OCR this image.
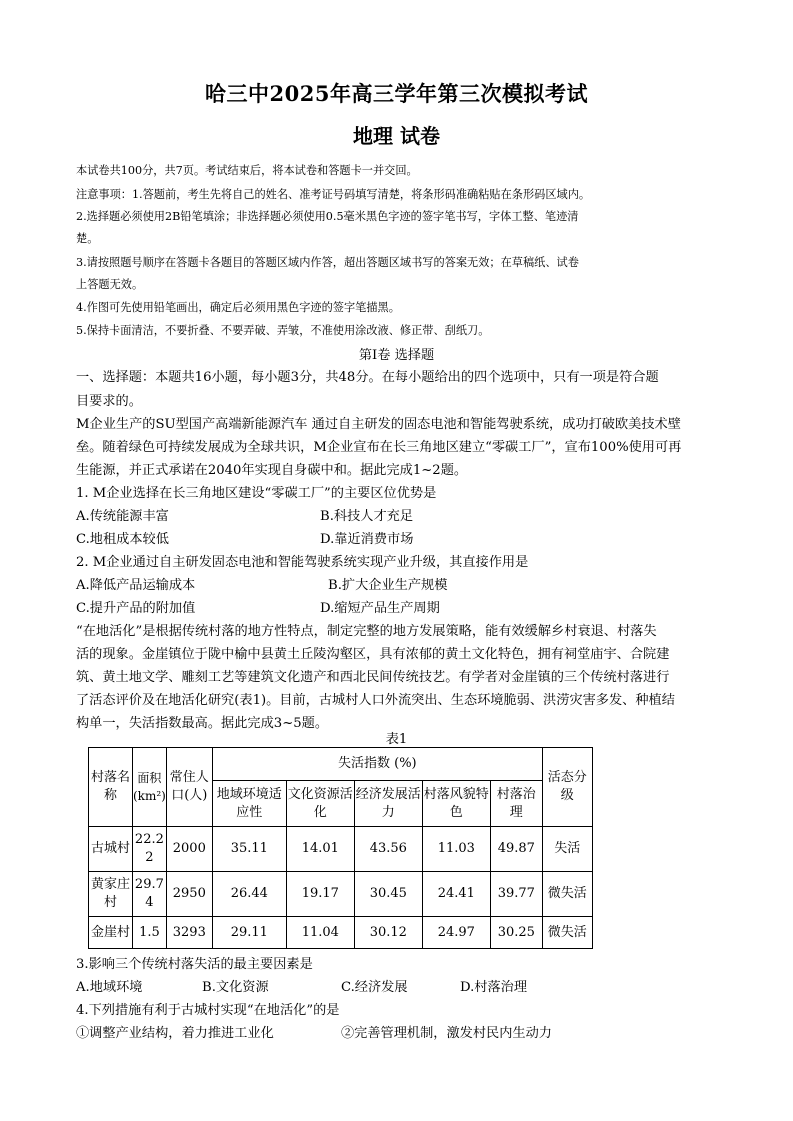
哈三中2025年高三学年第三次模拟考试
地理 试卷
本试卷共100分，共7页。考试结束后，将本试卷和答题卡一并交回。
注意事项：1.答题前，考生先将自己的姓名、准考证号码填写清楚，将条形码准确粘贴在条形码区域内。
2.选择题必须使用2B铅笔填涂；非选择题必须使用0.5毫米黑色字迹的签字笔书写，字体工整、笔迹清
楚。
3.请按照题号顺序在答题卡各题目的答题区域内作答，超出答题区域书写的答案无效；在草稿纸、试卷
上答题无效。
4.作图可先使用铅笔画出，确定后必须用黑色字迹的签字笔描黑。
5.保持卡面清洁，不要折叠、不要弄破、弄皱，不准使用涂改液、修正带、刮纸刀。
第Ⅰ卷 选择题
一、选择题：本题共16小题，每小题3分，共48分。在每小题给出的四个选项中，只有一项是符合题
目要求的。
M企业生产的SU型国产高端新能源汽车 通过自主研发的固态电池和智能驾驶系统，成功打破欧美技术壁
垒。随着绿色可持续发展成为全球共识，M企业宣布在长三角地区建立“零碳工厂”，宣布100%使用可再
生能源，并正式承诺在2040年实现自身碳中和。据此完成1~2题。
1. M企业选择在长三角地区建设“零碳工厂”的主要区位优势是
A.传统能源丰富	B.科技人才充足
C.地租成本较低	D.靠近消费市场
2. M企业通过自主研发固态电池和智能驾驶系统实现产业升级，其直接作用是
A.降低产品运输成本	B.扩大企业生产规模
C.提升产品的附加值	D.缩短产品生产周期
“在地活化”是根据传统村落的地方性特点，制定完整的地方发展策略，能有效缓解乡村衰退、村落失
活的现象。金崖镇位于陇中榆中县黄土丘陵沟壑区，具有浓郁的黄土文化特色，拥有祠堂庙宇、合院建
筑、黄土地文学、雕刻工艺等建筑文化遗产和西北民间传统技艺。有学者对金崖镇的三个传统村落进行
了活态评价及在地活化研究(表1)。目前，古城村人口外流突出、生态环境脆弱、洪涝灾害多发、种植结
构单一，失活指数最高。据此完成3~5题。
表1
村落名称	面积(km²)	常住人口(人)	失活指数 (%)					活态分级
			地域环境适应性	文化资源活化	经济发展活力	村落风貌特色	村落治理	
古城村	22.22	2000	35.11	14.01	43.56	11.03	49.87	失活
黄家庄村	29.74	2950	26.44	19.17	30.45	24.41	39.77	微失活
金崖村	1.5	3293	29.11	11.04	30.12	24.97	30.25	微失活
3.影响三个传统村落失活的最主要因素是
A.地域环境	B.文化资源	C.经济发展	D.村落治理
4.下列措施有利于古城村实现“在地活化”的是
①调整产业结构，着力推进工业化	②完善管理机制，激发村民内生动力
